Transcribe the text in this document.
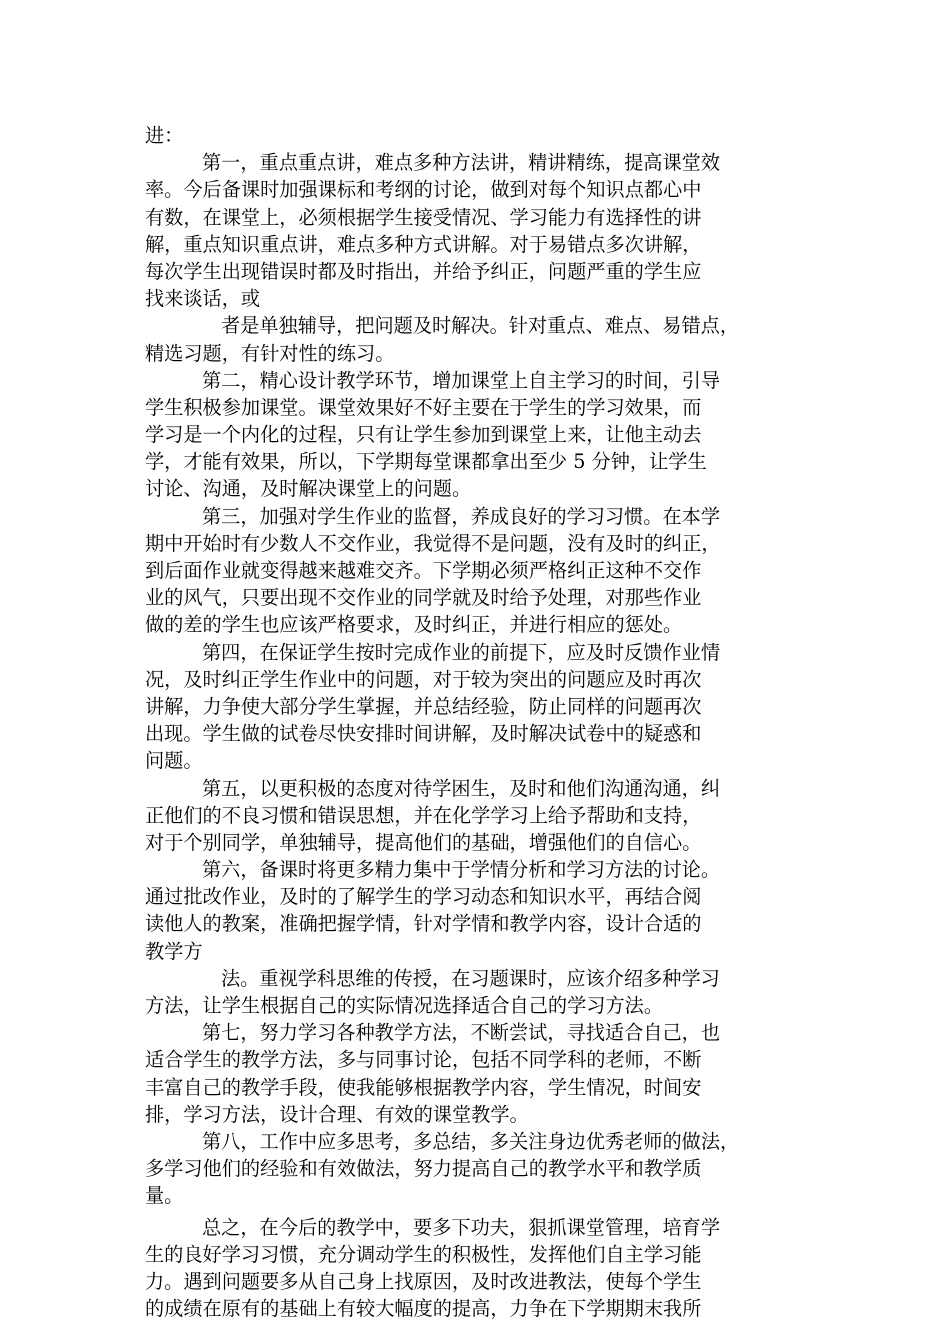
进：
第一，重点重点讲，难点多种方法讲，精讲精练，提高课堂效
率。今后备课时加强课标和考纲的讨论，做到对每个知识点都心中
有数，在课堂上，必须根据学生接受情况、学习能力有选择性的讲
解，重点知识重点讲，难点多种方式讲解。对于易错点多次讲解，
每次学生出现错误时都及时指出，并给予纠正，问题严重的学生应
找来谈话，或
者是单独辅导，把问题及时解决。针对重点、难点、易错点，
精选习题，有针对性的练习。
第二，精心设计教学环节，增加课堂上自主学习的时间，引导
学生积极参加课堂。课堂效果好不好主要在于学生的学习效果，而
学习是一个内化的过程，只有让学生参加到课堂上来，让他主动去
学，才能有效果，所以，下学期每堂课都拿出至少 5 分钟，让学生
讨论、沟通，及时解决课堂上的问题。
第三，加强对学生作业的监督，养成良好的学习习惯。在本学
期中开始时有少数人不交作业，我觉得不是问题，没有及时的纠正，
到后面作业就变得越来越难交齐。下学期必须严格纠正这种不交作
业的风气，只要出现不交作业的同学就及时给予处理，对那些作业
做的差的学生也应该严格要求，及时纠正，并进行相应的惩处。
第四，在保证学生按时完成作业的前提下，应及时反馈作业情
况，及时纠正学生作业中的问题，对于较为突出的问题应及时再次
讲解，力争使大部分学生掌握，并总结经验，防止同样的问题再次
出现。学生做的试卷尽快安排时间讲解，及时解决试卷中的疑惑和
问题。
第五，以更积极的态度对待学困生，及时和他们沟通沟通，纠
正他们的不良习惯和错误思想，并在化学学习上给予帮助和支持，
对于个别同学，单独辅导，提高他们的基础，增强他们的自信心。
第六，备课时将更多精力集中于学情分析和学习方法的讨论。
通过批改作业，及时的了解学生的学习动态和知识水平，再结合阅
读他人的教案，准确把握学情，针对学情和教学内容，设计合适的
教学方
法。重视学科思维的传授，在习题课时，应该介绍多种学习
方法，让学生根据自己的实际情况选择适合自己的学习方法。
第七，努力学习各种教学方法，不断尝试，寻找适合自己，也
适合学生的教学方法，多与同事讨论，包括不同学科的老师，不断
丰富自己的教学手段，使我能够根据教学内容，学生情况，时间安
排，学习方法，设计合理、有效的课堂教学。
第八，工作中应多思考，多总结，多关注身边优秀老师的做法，
多学习他们的经验和有效做法，努力提高自己的教学水平和教学质
量。
总之，在今后的教学中，要多下功夫，狠抓课堂管理，培育学
生的良好学习习惯，充分调动学生的积极性，发挥他们自主学习能
力。遇到问题要多从自己身上找原因，及时改进教法，使每个学生
的成绩在原有的基础上有较大幅度的提高，力争在下学期期末我所
